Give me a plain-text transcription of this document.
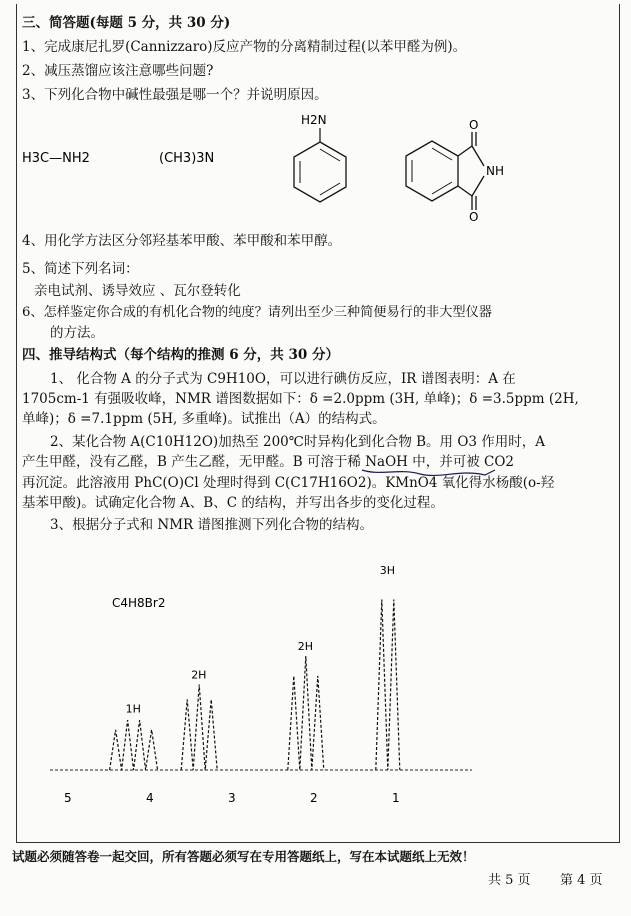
三、简答题(每题 5 分，共 30 分)
1、完成康尼扎罗(Cannizzaro)反应产物的分离精制过程(以苯甲醛为例)。
2、减压蒸馏应该注意哪些问题?
3、下列化合物中碱性最强是哪一个？并说明原因。
H3C—NH2	(CH3)3N
H2N
NH
O
O
4、用化学方法区分邻羟基苯甲酸、苯甲酸和苯甲醇。
5、简述下列名词：
亲电试剂、诱导效应 、瓦尔登转化
6、怎样鉴定你合成的有机化合物的纯度？请列出至少三种简便易行的非大型仪器
的方法。
四、推导结构式（每个结构的推测 6 分，共 30 分）
1、 化合物 A 的分子式为 C9H10O，可以进行碘仿反应，IR 谱图表明：A 在
1705cm-1 有强吸收峰，NMR 谱图数据如下：δ =2.0ppm (3H, 单峰)；δ =3.5ppm (2H,
单峰)；δ =7.1ppm (5H, 多重峰)。试推出（A）的结构式。
2、某化合物 A(C10H12O)加热至 200℃时异构化到化合物 B。用 O3 作用时，A
产生甲醛，没有乙醛，B 产生乙醛，无甲醛。B 可溶于稀 NaOH 中，并可被 CO2
再沉淀。此溶液用 PhC(O)Cl 处理时得到 C(C17H16O2)。KMnO4 氧化得水杨酸(o-羟
基苯甲酸)。试确定化合物 A、B、C 的结构，并写出各步的变化过程。
3、根据分子式和 NMR 谱图推测下列化合物的结构。
C4H8Br2
1H
2H
2H
3H
5	4	3	2	1
试题必须随答卷一起交回，所有答题必须写在专用答题纸上，写在本试题纸上无效！
共 5 页 第 4 页
